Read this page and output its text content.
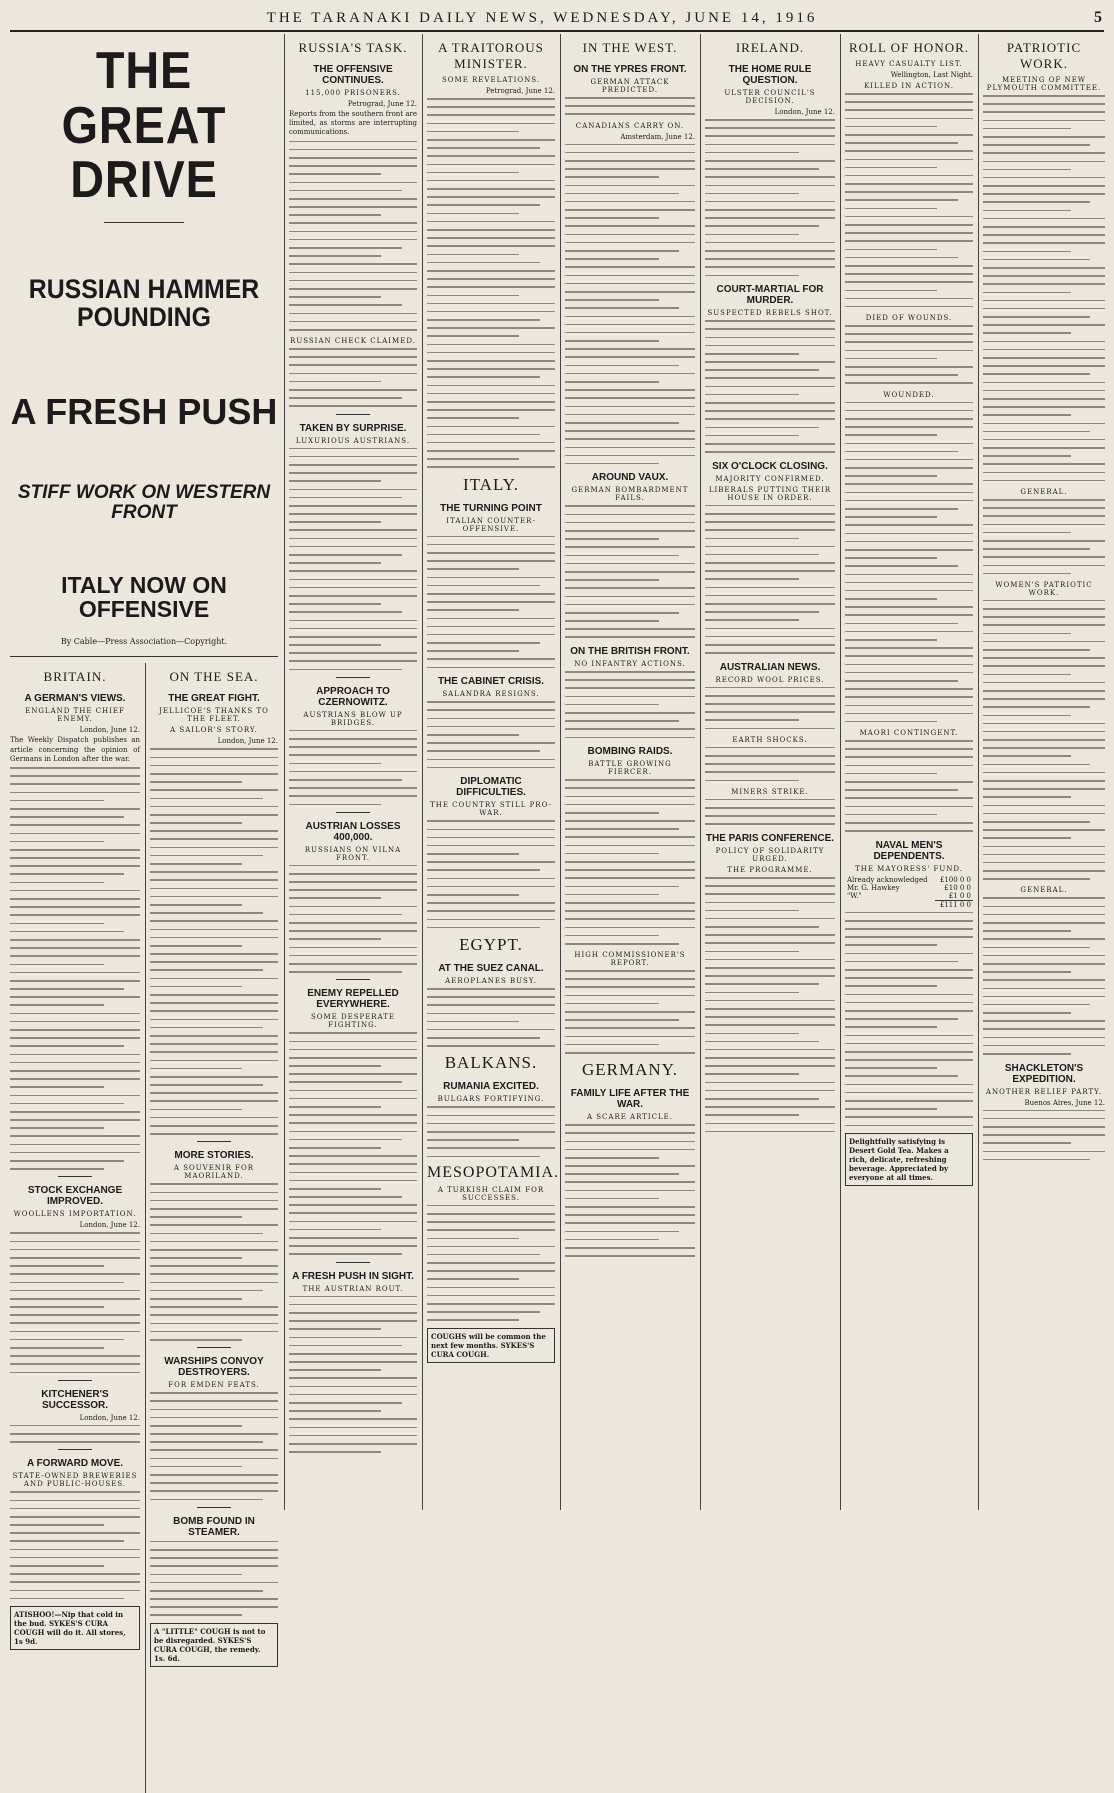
THE TARANAKI DAILY NEWS, WEDNESDAY, JUNE 14, 1916	5
THE GREAT DRIVE
RUSSIAN HAMMER POUNDING
A FRESH PUSH
STIFF WORK ON WESTERN FRONT
ITALY NOW ON OFFENSIVE
By Cable—Press Association—Copyright.
BRITAIN.
A GERMAN'S VIEWS.
ENGLAND THE CHIEF ENEMY.
London, June 12.
The Weekly Dispatch publishes an article concerning the opinion of Germans in London after the war.
STOCK EXCHANGE IMPROVED.
WOOLLENS IMPORTATION.
London, June 12.
KITCHENER'S SUCCESSOR.
London, June 12.
A FORWARD MOVE.
STATE-OWNED BREWERIES AND PUBLIC-HOUSES.
ATISHOO!—Nip that cold in the bud. SYKES'S CURA COUGH will do it. All stores, 1s 9d.
ON THE SEA.
THE GREAT FIGHT.
JELLICOE'S THANKS TO THE FLEET.
A SAILOR'S STORY.
London, June 12.
MORE STORIES.
A SOUVENIR FOR MAORILAND.
WARSHIPS CONVOY DESTROYERS.
FOR EMDEN FEATS.
BOMB FOUND IN STEAMER.
A "LITTLE" COUGH is not to be disregarded. SYKES'S CURA COUGH, the remedy. 1s. 6d.
RUSSIA'S TASK.
THE OFFENSIVE CONTINUES.
115,000 PRISONERS.
Petrograd, June 12.
Reports from the southern front are limited, as storms are interrupting communications.
RUSSIAN CHECK CLAIMED.
TAKEN BY SURPRISE.
LUXURIOUS AUSTRIANS.
APPROACH TO CZERNOWITZ.
AUSTRIANS BLOW UP BRIDGES.
AUSTRIAN LOSSES 400,000.
RUSSIANS ON VILNA FRONT.
ENEMY REPELLED EVERYWHERE.
SOME DESPERATE FIGHTING.
A FRESH PUSH IN SIGHT.
THE AUSTRIAN ROUT.
A TRAITOROUS MINISTER.
SOME REVELATIONS.
Petrograd, June 12.
ITALY.
THE TURNING POINT
ITALIAN COUNTER-OFFENSIVE.
THE CABINET CRISIS.
SALANDRA RESIGNS.
DIPLOMATIC DIFFICULTIES.
THE COUNTRY STILL PRO-WAR.
EGYPT.
AT THE SUEZ CANAL.
AEROPLANES BUSY.
BALKANS.
RUMANIA EXCITED.
BULGARS FORTIFYING.
MESOPOTAMIA.
A TURKISH CLAIM FOR SUCCESSES.
COUGHS will be common the next few months. SYKES'S CURA COUGH.
IN THE WEST.
ON THE YPRES FRONT.
GERMAN ATTACK PREDICTED.
CANADIANS CARRY ON.
Amsterdam, June 12.
AROUND VAUX.
GERMAN BOMBARDMENT FAILS.
ON THE BRITISH FRONT.
NO INFANTRY ACTIONS.
BOMBING RAIDS.
BATTLE GROWING FIERCER.
HIGH COMMISSIONER'S REPORT.
GERMANY.
FAMILY LIFE AFTER THE WAR.
A SCARE ARTICLE.
IRELAND.
THE HOME RULE QUESTION.
ULSTER COUNCIL'S DECISION.
London, June 12.
COURT-MARTIAL FOR MURDER.
SUSPECTED REBELS SHOT.
SIX O'CLOCK CLOSING.
MAJORITY CONFIRMED.
LIBERALS PUTTING THEIR HOUSE IN ORDER.
AUSTRALIAN NEWS.
RECORD WOOL PRICES.
EARTH SHOCKS.
MINERS STRIKE.
THE PARIS CONFERENCE.
POLICY OF SOLIDARITY URGED.
THE PROGRAMME.
ROLL OF HONOR.
HEAVY CASUALTY LIST.
Wellington, Last Night.
KILLED IN ACTION.
DIED OF WOUNDS.
WOUNDED.
MAORI CONTINGENT.
NAVAL MEN'S DEPENDENTS.
THE MAYORESS' FUND.
Already acknowledged	£100 0 0
Mr. G. Hawkey	£10 0 0
"W."	£1 0 0
	£111 0 0
Delightfully satisfying is Desert Gold Tea. Makes a rich, delicate, refreshing beverage. Appreciated by everyone at all times.
PATRIOTIC WORK.
MEETING OF NEW PLYMOUTH COMMITTEE.
GENERAL.
WOMEN'S PATRIOTIC WORK.
GENERAL.
SHACKLETON'S EXPEDITION.
ANOTHER RELIEF PARTY.
Buenos Aires, June 12.
